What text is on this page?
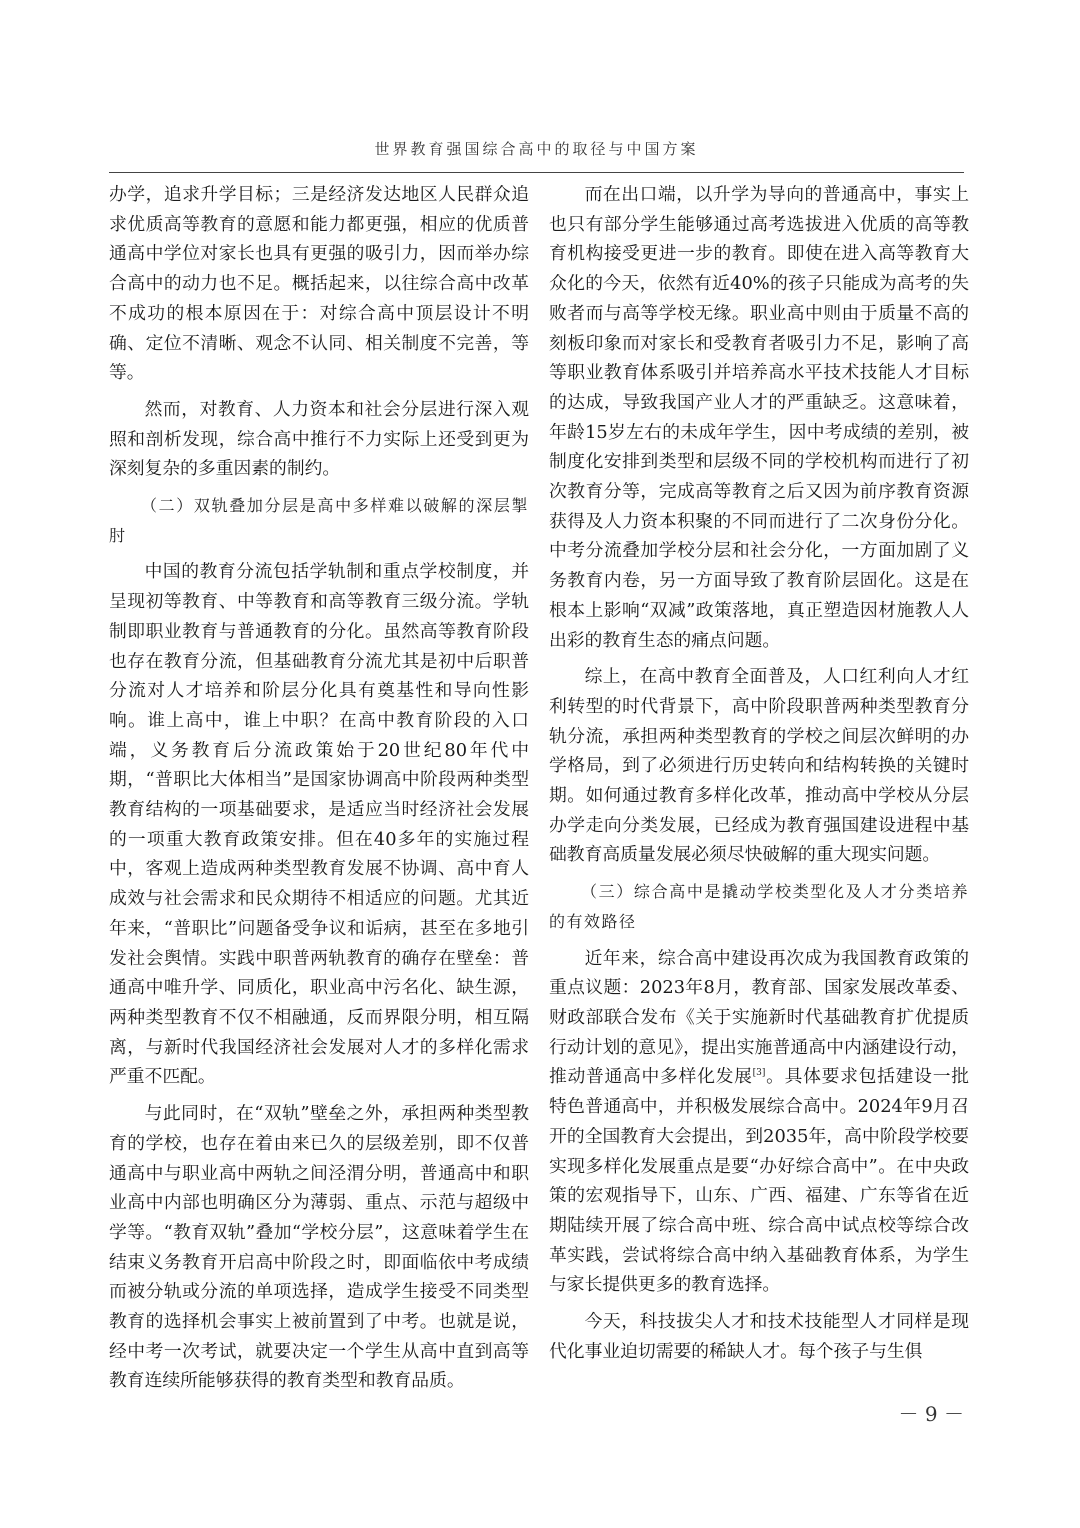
世界教育强国综合高中的取径与中国方案

办学，追求升学目标；三是经济发达地区人民群众追求优质高等教育的意愿和能力都更强，相应的优质普通高中学位对家长也具有更强的吸引力，因而举办综合高中的动力也不足。概括起来，以往综合高中改革不成功的根本原因在于：对综合高中顶层设计不明确、定位不清晰、观念不认同、相关制度不完善，等等。

然而，对教育、人力资本和社会分层进行深入观照和剖析发现，综合高中推行不力实际上还受到更为深刻复杂的多重因素的制约。

（二）双轨叠加分层是高中多样难以破解的深层掣肘

中国的教育分流包括学轨制和重点学校制度，并呈现初等教育、中等教育和高等教育三级分流。学轨制即职业教育与普通教育的分化。虽然高等教育阶段也存在教育分流，但基础教育分流尤其是初中后职普分流对人才培养和阶层分化具有奠基性和导向性影响。谁上高中，谁上中职？在高中教育阶段的入口端，义务教育后分流政策始于20世纪80年代中期，“普职比大体相当”是国家协调高中阶段两种类型教育结构的一项基础要求，是适应当时经济社会发展的一项重大教育政策安排。但在40多年的实施过程中，客观上造成两种类型教育发展不协调、高中育人成效与社会需求和民众期待不相适应的问题。尤其近年来，“普职比”问题备受争议和诟病，甚至在多地引发社会舆情。实践中职普两轨教育的确存在壁垒：普通高中唯升学、同质化，职业高中污名化、缺生源，两种类型教育不仅不相融通，反而界限分明，相互隔离，与新时代我国经济社会发展对人才的多样化需求严重不匹配。

与此同时，在“双轨”壁垒之外，承担两种类型教育的学校，也存在着由来已久的层级差别，即不仅普通高中与职业高中两轨之间泾渭分明，普通高中和职业高中内部也明确区分为薄弱、重点、示范与超级中学等。“教育双轨”叠加“学校分层”，这意味着学生在结束义务教育开启高中阶段之时，即面临依中考成绩而被分轨或分流的单项选择，造成学生接受不同类型教育的选择机会事实上被前置到了中考。也就是说，经中考一次考试，就要决定一个学生从高中直到高等教育连续所能够获得的教育类型和教育品质。

而在出口端，以升学为导向的普通高中，事实上也只有部分学生能够通过高考选拔进入优质的高等教育机构接受更进一步的教育。即使在进入高等教育大众化的今天，依然有近40%的孩子只能成为高考的失败者而与高等学校无缘。职业高中则由于质量不高的刻板印象而对家长和受教育者吸引力不足，影响了高等职业教育体系吸引并培养高水平技术技能人才目标的达成，导致我国产业人才的严重缺乏。这意味着，年龄15岁左右的未成年学生，因中考成绩的差别，被制度化安排到类型和层级不同的学校机构而进行了初次教育分等，完成高等教育之后又因为前序教育资源获得及人力资本积聚的不同而进行了二次身份分化。中考分流叠加学校分层和社会分化，一方面加剧了义务教育内卷，另一方面导致了教育阶层固化。这是在根本上影响“双减”政策落地，真正塑造因材施教人人出彩的教育生态的痛点问题。

综上，在高中教育全面普及，人口红利向人才红利转型的时代背景下，高中阶段职普两种类型教育分轨分流，承担两种类型教育的学校之间层次鲜明的办学格局，到了必须进行历史转向和结构转换的关键时期。如何通过教育多样化改革，推动高中学校从分层办学走向分类发展，已经成为教育强国建设进程中基础教育高质量发展必须尽快破解的重大现实问题。

（三）综合高中是撬动学校类型化及人才分类培养的有效路径

近年来，综合高中建设再次成为我国教育政策的重点议题：2023年8月，教育部、国家发展改革委、财政部联合发布《关于实施新时代基础教育扩优提质行动计划的意见》，提出实施普通高中内涵建设行动，推动普通高中多样化发展[3]。具体要求包括建设一批特色普通高中，并积极发展综合高中。2024年9月召开的全国教育大会提出，到2035年，高中阶段学校要实现多样化发展重点是要“办好综合高中”。在中央政策的宏观指导下，山东、广西、福建、广东等省在近期陆续开展了综合高中班、综合高中试点校等综合改革实践，尝试将综合高中纳入基础教育体系，为学生与家长提供更多的教育选择。

今天，科技拔尖人才和技术技能型人才同样是现代化事业迫切需要的稀缺人才。每个孩子与生俱

－ 9 －
